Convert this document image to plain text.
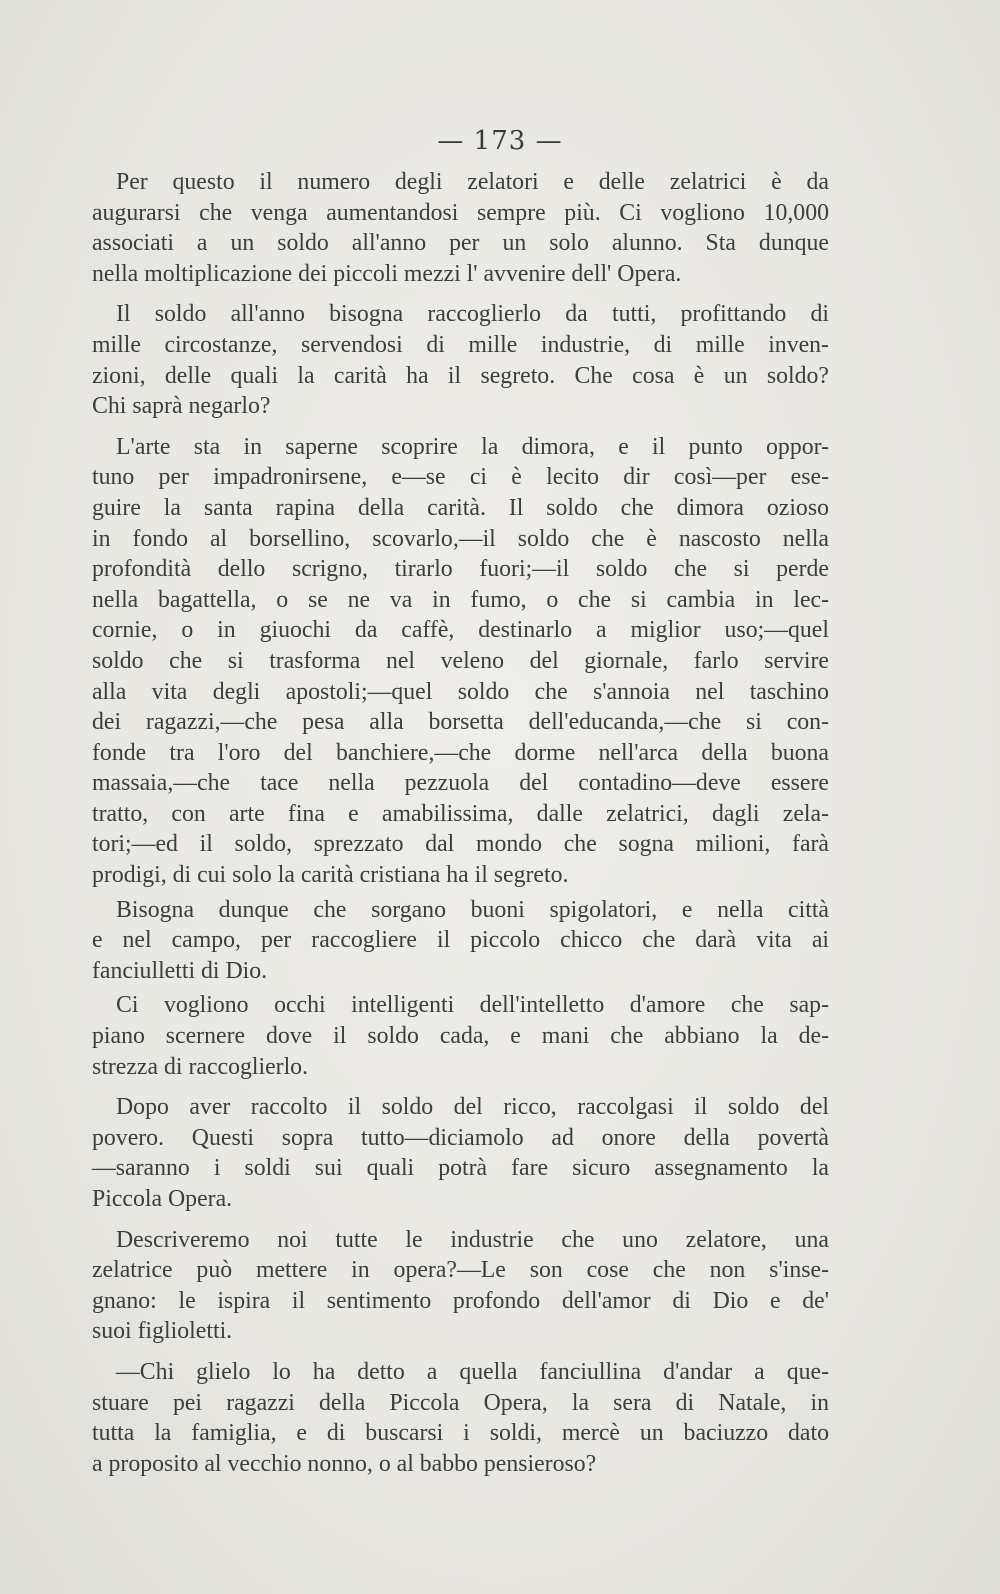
— 173 —
Per questo il numero degli zelatori e delle zelatrici è da
augurarsi che venga aumentandosi sempre più. Ci vogliono 10,000
associati a un soldo all'anno per un solo alunno. Sta dunque
nella moltiplicazione dei piccoli mezzi l' avvenire dell' Opera.
Il soldo all'anno bisogna raccoglierlo da tutti, profittando di
mille circostanze, servendosi di mille industrie, di mille inven-
zioni, delle quali la carità ha il segreto. Che cosa è un soldo?
Chi saprà negarlo?
L'arte sta in saperne scoprire la dimora, e il punto oppor-
tuno per impadronirsene, e—se ci è lecito dir così—per ese-
guire la santa rapina della carità. Il soldo che dimora ozioso
in fondo al borsellino, scovarlo,—il soldo che è nascosto nella
profondità dello scrigno, tirarlo fuori;—il soldo che si perde
nella bagattella, o se ne va in fumo, o che si cambia in lec-
cornie, o in giuochi da caffè, destinarlo a miglior uso;—quel
soldo che si trasforma nel veleno del giornale, farlo servire
alla vita degli apostoli;—quel soldo che s'annoia nel taschino
dei ragazzi,—che pesa alla borsetta dell'educanda,—che si con-
fonde tra l'oro del banchiere,—che dorme nell'arca della buona
massaia,—che tace nella pezzuola del contadino—deve essere
tratto, con arte fina e amabilissima, dalle zelatrici, dagli zela-
tori;—ed il soldo, sprezzato dal mondo che sogna milioni, farà
prodigi, di cui solo la carità cristiana ha il segreto.
Bisogna dunque che sorgano buoni spigolatori, e nella città
e nel campo, per raccogliere il piccolo chicco che darà vita ai
fanciulletti di Dio.
Ci vogliono occhi intelligenti dell'intelletto d'amore che sap-
piano scernere dove il soldo cada, e mani che abbiano la de-
strezza di raccoglierlo.
Dopo aver raccolto il soldo del ricco, raccolgasi il soldo del
povero. Questi sopra tutto—diciamolo ad onore della povertà
—saranno i soldi sui quali potrà fare sicuro assegnamento la
Piccola Opera.
Descriveremo noi tutte le industrie che uno zelatore, una
zelatrice può mettere in opera?—Le son cose che non s'inse-
gnano: le ispira il sentimento profondo dell'amor di Dio e de'
suoi figlioletti.
—Chi glielo lo ha detto a quella fanciullina d'andar a que-
stuare pei ragazzi della Piccola Opera, la sera di Natale, in
tutta la famiglia, e di buscarsi i soldi, mercè un baciuzzo dato
a proposito al vecchio nonno, o al babbo pensieroso?
